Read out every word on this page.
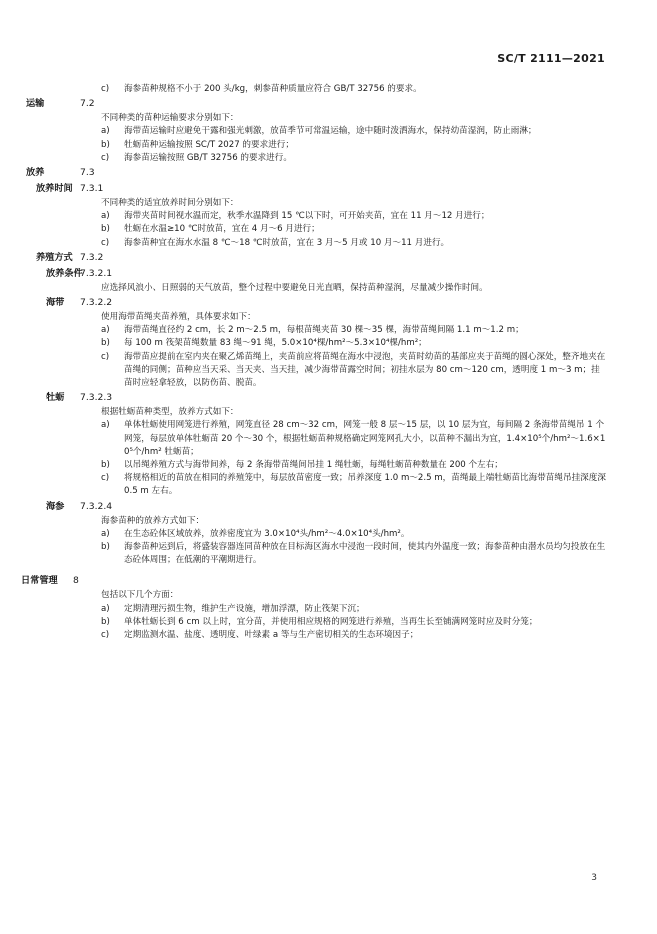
SC/T 2111—2021
c)	海参苗种规格不小于 200 头/kg，刺参苗种质量应符合 GB/T 32756 的要求。
7.2
运输
不同种类的苗种运输要求分别如下：
a)	海带苗运输时应避免干露和强光刺激，放苗季节可常温运输，途中随时泼洒海水，保持幼苗湿润，防止雨淋；
b)	牡蛎苗种运输按照 SC/T 2027 的要求进行；
c)	海参苗运输按照 GB/T 32756 的要求进行。
7.3
放养
7.3.1
放养时间
不同种类的适宜放养时间分别如下：
a)	海带夹苗时间视水温而定，秋季水温降到 15 ℃以下时，可开始夹苗，宜在 11 月～12 月进行；
b)	牡蛎在水温≥10 ℃时放苗，宜在 4 月～6 月进行；
c)	海参苗种宜在海水水温 8 ℃～18 ℃时放苗，宜在 3 月～5 月或 10 月～11 月进行。
7.3.2
养殖方式
7.3.2.1
放养条件
应选择风浪小、日照弱的天气放苗，整个过程中要避免日光直晒，保持苗种湿润，尽量减少操作时间。
7.3.2.2
海带
使用海带苗绳夹苗养殖，具体要求如下：
a)	海带苗绳直径约 2 cm，长 2 m～2.5 m，每根苗绳夹苗 30 棵～35 棵，海带苗绳间隔 1.1 m～1.2 m；
b)	每 100 m 筏架苗绳数量 83 绳～91 绳，5.0×10⁴棵/hm²～5.3×10⁴棵/hm²；
c)	海带苗应提前在室内夹在聚乙烯苗绳上，夹苗前应将苗绳在海水中浸泡，夹苗时幼苗的基部应夹于苗绳的圆心深处，整齐地夹在苗绳的同侧；苗种应当天采、当天夹、当天挂，减少海带苗露空时间；初挂水层为 80 cm～120 cm，透明度 1 m～3 m；挂苗时应轻拿轻放，以防伤苗、脱苗。
7.3.2.3
牡蛎
根据牡蛎苗种类型，放养方式如下：
a)	单体牡蛎使用网笼进行养殖，网笼直径 28 cm～32 cm，网笼一般 8 层～15 层，以 10 层为宜，每间隔 2 条海带苗绳吊 1 个网笼，每层放单体牡蛎苗 20 个～30 个，根据牡蛎苗种规格确定网笼网孔大小，以苗种不漏出为宜，1.4×10⁵个/hm²～1.6×10⁵个/hm² 牡蛎苗；
b)	以吊绳养殖方式与海带间养，每 2 条海带苗绳间吊挂 1 绳牡蛎，每绳牡蛎苗种数量在 200 个左右；
c)	将规格相近的苗放在相同的养殖笼中，每层放苗密度一致；吊养深度 1.0 m～2.5 m，苗绳最上端牡蛎苗比海带苗绳吊挂深度深 0.5 m 左右。
7.3.2.4
海参
海参苗种的放养方式如下：
a)	在生态砼体区域放养，放养密度宜为 3.0×10⁴头/hm²～4.0×10⁴头/hm²。
b)	海参苗种运到后，将盛装容器连同苗种放在目标海区海水中浸泡一段时间，使其内外温度一致；海参苗种由潜水员均匀投放在生态砼体周围；在低潮的平潮期进行。
8
日常管理
包括以下几个方面：
a)	定期清理污损生物，维护生产设施，增加浮漂，防止筏架下沉；
b)	单体牡蛎长到 6 cm 以上时，宜分苗，并使用相应规格的网笼进行养殖，当再生长至铺满网笼时应及时分笼；
c)	定期监测水温、盐度、透明度、叶绿素 a 等与生产密切相关的生态环境因子；
3
